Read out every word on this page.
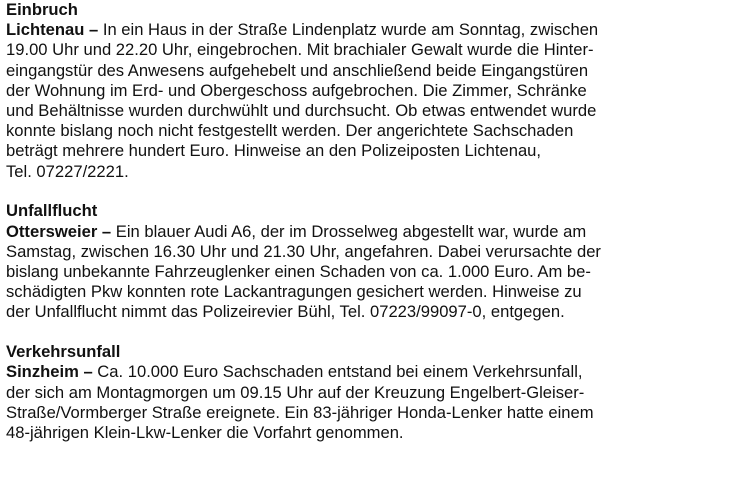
Einbruch
Lichtenau – In ein Haus in der Straße Lindenplatz wurde am Sonntag, zwischen
19.00 Uhr und 22.20 Uhr, eingebrochen. Mit brachialer Gewalt wurde die Hinter-
eingangstür des Anwesens aufgehebelt und anschließend beide Eingangstüren
der Wohnung im Erd- und Obergeschoss aufgebrochen. Die Zimmer, Schränke
und Behältnisse wurden durchwühlt und durchsucht. Ob etwas entwendet wurde
konnte bislang noch nicht festgestellt werden. Der angerichtete Sachschaden
beträgt mehrere hundert Euro. Hinweise an den Polizeiposten Lichtenau,
Tel. 07227/2221.
Unfallflucht
Ottersweier – Ein blauer Audi A6, der im Drosselweg abgestellt war, wurde am
Samstag, zwischen 16.30 Uhr und 21.30 Uhr, angefahren. Dabei verursachte der
bislang unbekannte Fahrzeuglenker einen Schaden von ca. 1.000 Euro. Am be-
schädigten Pkw konnten rote Lackantragungen gesichert werden. Hinweise zu
der Unfallflucht nimmt das Polizeirevier Bühl, Tel. 07223/99097-0, entgegen.
Verkehrsunfall
Sinzheim – Ca. 10.000 Euro Sachschaden entstand bei einem Verkehrsunfall,
der sich am Montagmorgen um 09.15 Uhr auf der Kreuzung Engelbert-Gleiser-
Straße/Vormberger Straße ereignete. Ein 83-jähriger Honda-Lenker hatte einem
48-jährigen Klein-Lkw-Lenker die Vorfahrt genommen.
